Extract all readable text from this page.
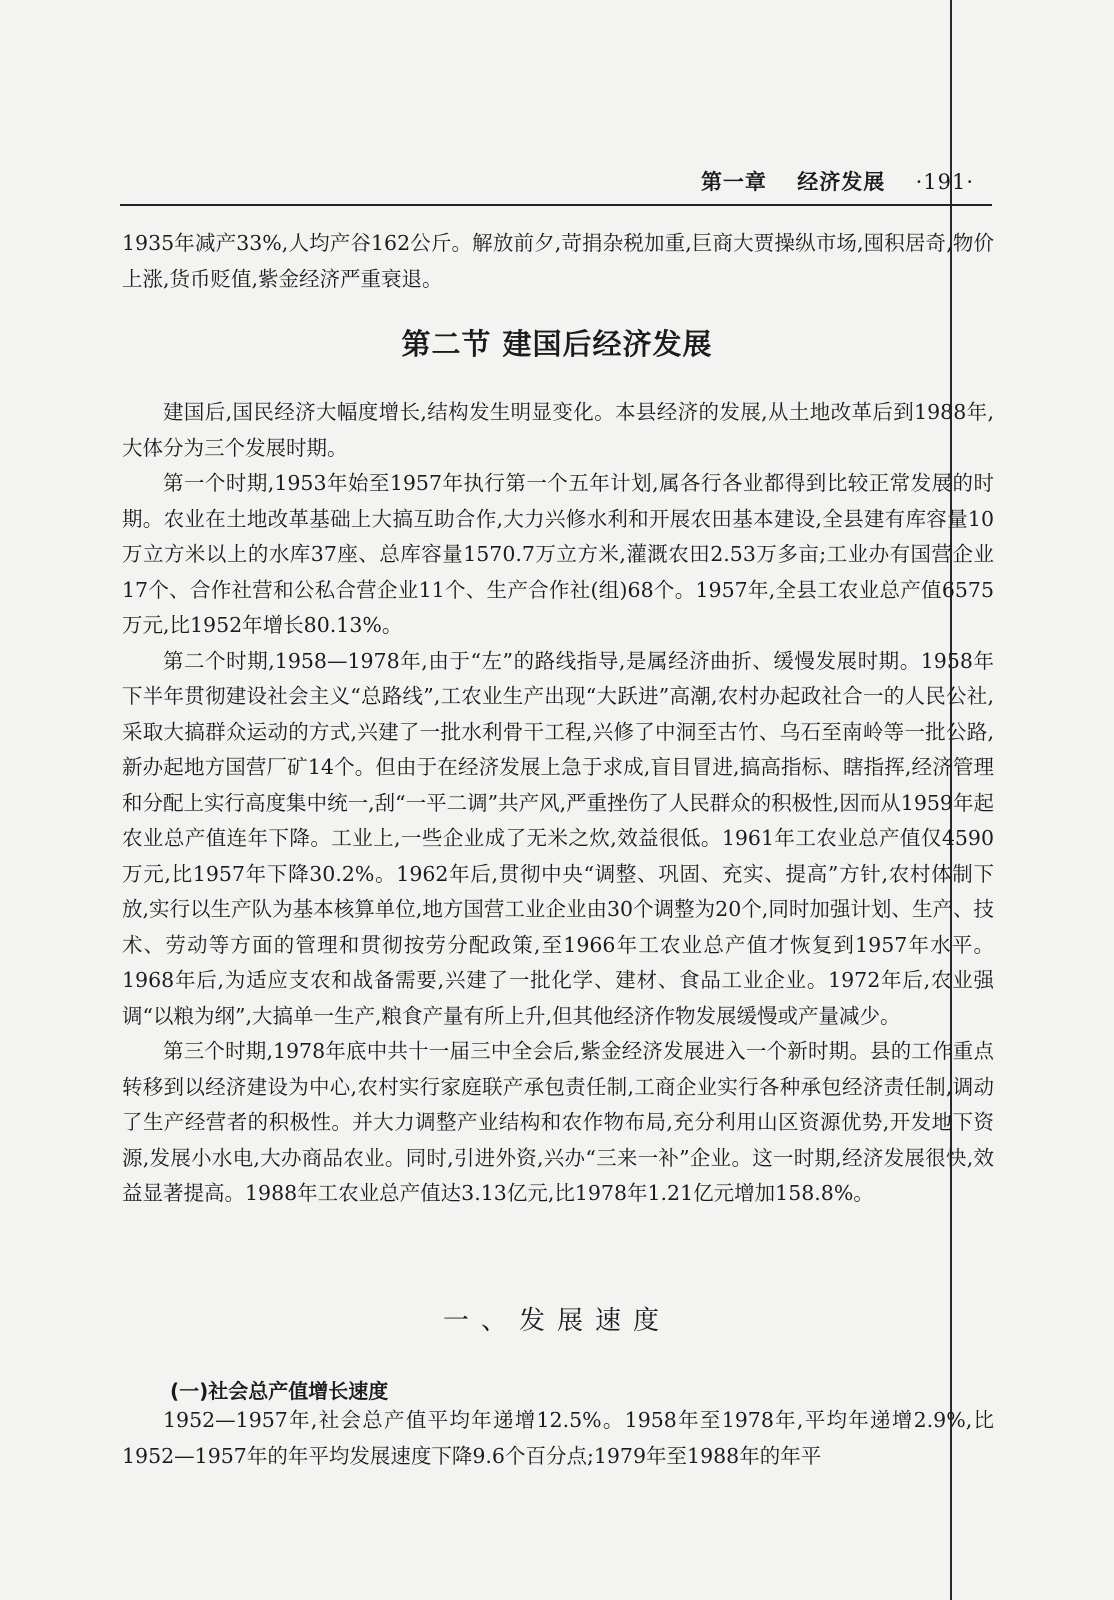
第一章 经济发展 ·191·

1935年减产33%,人均产谷162公斤。解放前夕,苛捐杂税加重,巨商大贾操纵市场,囤积居奇,物价上涨,货币贬值,紫金经济严重衰退。

第二节 建国后经济发展

建国后,国民经济大幅度增长,结构发生明显变化。本县经济的发展,从土地改革后到1988年,大体分为三个发展时期。

第一个时期,1953年始至1957年执行第一个五年计划,属各行各业都得到比较正常发展的时期。农业在土地改革基础上大搞互助合作,大力兴修水利和开展农田基本建设,全县建有库容量10万立方米以上的水库37座、总库容量1570.7万立方米,灌溉农田2.53万多亩;工业办有国营企业17个、合作社营和公私合营企业11个、生产合作社(组)68个。1957年,全县工农业总产值6575万元,比1952年增长80.13%。

第二个时期,1958—1978年,由于“左”的路线指导,是属经济曲折、缓慢发展时期。1958年下半年贯彻建设社会主义“总路线”,工农业生产出现“大跃进”高潮,农村办起政社合一的人民公社,采取大搞群众运动的方式,兴建了一批水利骨干工程,兴修了中洞至古竹、乌石至南岭等一批公路,新办起地方国营厂矿14个。但由于在经济发展上急于求成,盲目冒进,搞高指标、瞎指挥,经济管理和分配上实行高度集中统一,刮“一平二调”共产风,严重挫伤了人民群众的积极性,因而从1959年起农业总产值连年下降。工业上,一些企业成了无米之炊,效益很低。1961年工农业总产值仅4590万元,比1957年下降30.2%。1962年后,贯彻中央“调整、巩固、充实、提高”方针,农村体制下放,实行以生产队为基本核算单位,地方国营工业企业由30个调整为20个,同时加强计划、生产、技术、劳动等方面的管理和贯彻按劳分配政策,至1966年工农业总产值才恢复到1957年水平。1968年后,为适应支农和战备需要,兴建了一批化学、建材、食品工业企业。1972年后,农业强调“以粮为纲”,大搞单一生产,粮食产量有所上升,但其他经济作物发展缓慢或产量减少。

第三个时期,1978年底中共十一届三中全会后,紫金经济发展进入一个新时期。县的工作重点转移到以经济建设为中心,农村实行家庭联产承包责任制,工商企业实行各种承包经济责任制,调动了生产经营者的积极性。并大力调整产业结构和农作物布局,充分利用山区资源优势,开发地下资源,发展小水电,大办商品农业。同时,引进外资,兴办“三来一补”企业。这一时期,经济发展很快,效益显著提高。1988年工农业总产值达3.13亿元,比1978年1.21亿元增加158.8%。

一、发展速度
(一)社会总产值增长速度

1952—1957年,社会总产值平均年递增12.5%。1958年至1978年,平均年递增2.9%,比1952—1957年的年平均发展速度下降9.6个百分点;1979年至1988年的年平
